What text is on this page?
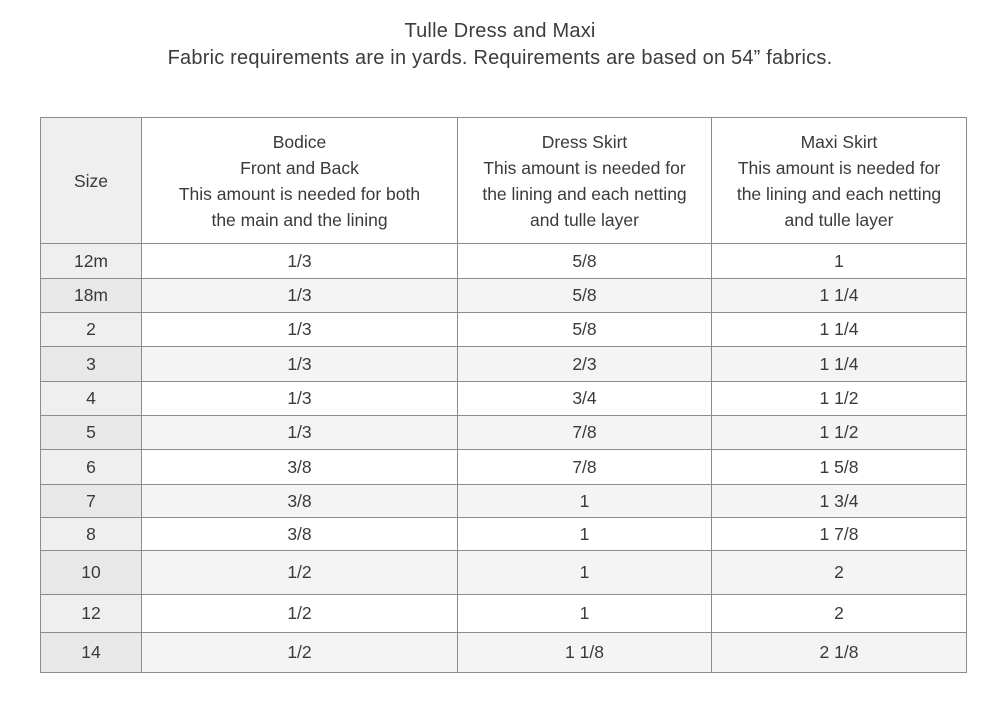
Tulle Dress and Maxi
Fabric requirements are in yards. Requirements are based on 54” fabrics.
Size	Bodice
Front and Back
This amount is needed for both
the main and the lining	Dress Skirt
This amount is needed for
the lining and each netting
and tulle layer	Maxi Skirt
This amount is needed for
the lining and each netting
and tulle layer

12m	1/3	5/8	1
18m	1/3	5/8	1 1/4
2	1/3	5/8	1 1/4
3	1/3	2/3	1 1/4
4	1/3	3/4	1 1/2
5	1/3	7/8	1 1/2
6	3/8	7/8	1 5/8
7	3/8	1	1 3/4
8	3/8	1	1 7/8
10	1/2	1	2
12	1/2	1	2
14	1/2	1 1/8	2 1/8
